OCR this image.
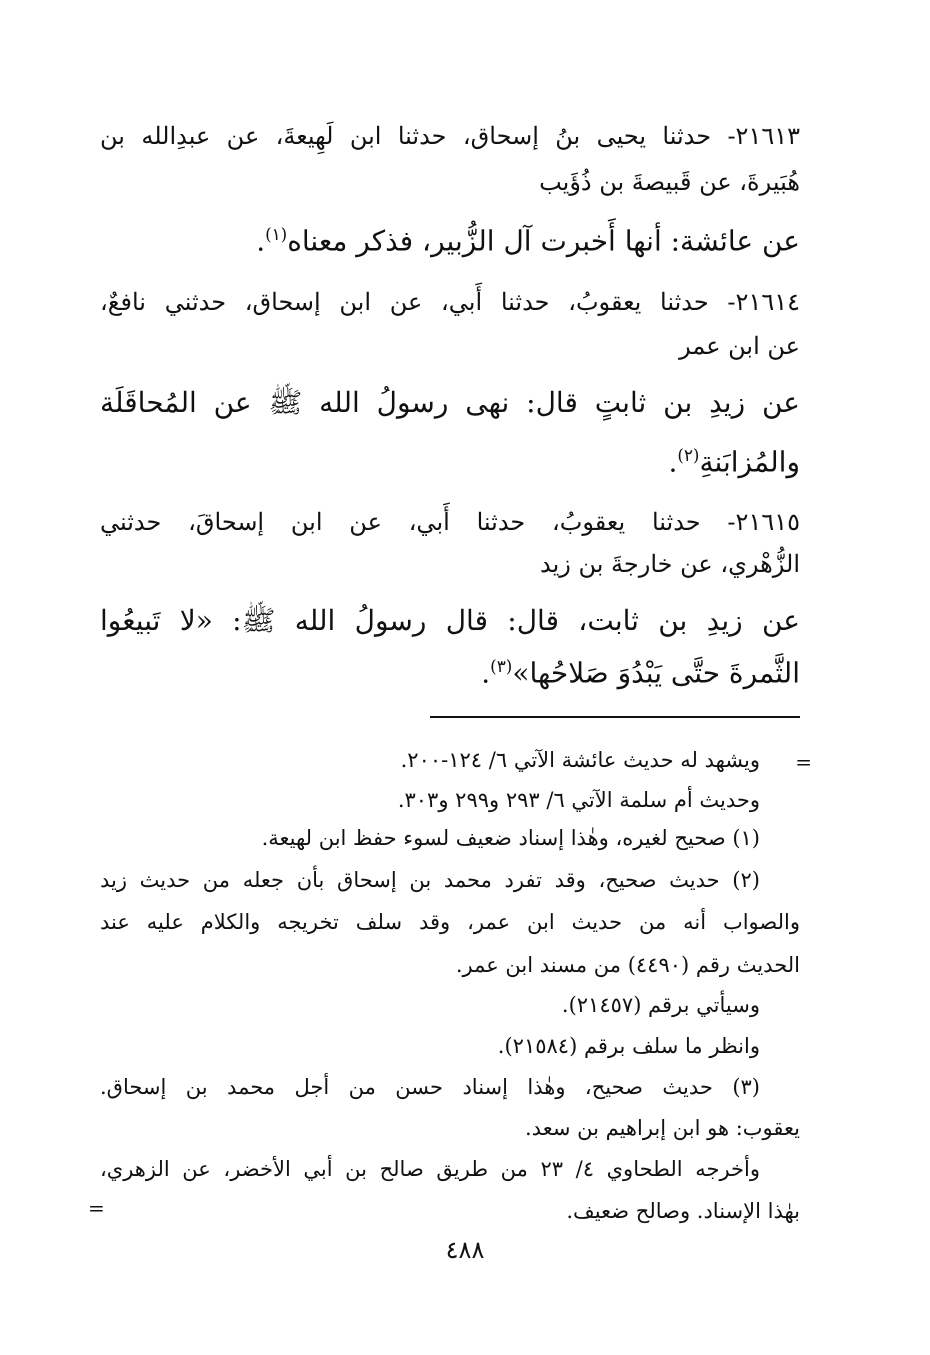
٢١٦١٣- حدثنا يحيى بنُ إسحاق، حدثنا ابن لَهِيعةَ، عن عبدِالله بن
هُبَيرةَ، عن قَبيصةَ بن ذُؤَيب
عن عائشة: أنها أَخبرت آل الزُّبير، فذكر معناه$^{(١)}$.
٢١٦١٤- حدثنا يعقوبُ، حدثنا أَبي، عن ابن إسحاق، حدثني نافعٌ،
عن ابن عمر
عن زيدِ بن ثابتٍ قال: نهى رسولُ الله ﷺ عن المُحاقَلَة
والمُزابَنةِ$^{(٢)}$.
٢١٦١٥- حدثنا يعقوبُ، حدثنا أَبي، عن ابن إسحاقَ، حدثني
الزُّهْري، عن خارجةَ بن زيد
عن زيدِ بن ثابت، قال: قال رسولُ الله ﷺ: «لا تَبيعُوا
الثَّمرةَ حتَّى يَبْدُوَ صَلاحُها»$^{(٣)}$.
=
ويشهد له حديث عائشة الآتي ٦/ ١٢٤-٢٠٠.
وحديث أم سلمة الآتي ٦/ ٢٩٣ و٢٩٩ و٣٠٣.
(١) صحيح لغيره، وهٰذا إسناد ضعيف لسوء حفظ ابن لهيعة.
(٢) حديث صحيح، وقد تفرد محمد بن إسحاق بأن جعله من حديث زيد
والصواب أنه من حديث ابن عمر، وقد سلف تخريجه والكلام عليه عند
الحديث رقم (٤٤٩٠) من مسند ابن عمر.
وسيأتي برقم (٢١٤٥٧).
وانظر ما سلف برقم (٢١٥٨٤).
(٣) حديث صحيح، وهٰذا إسناد حسن من أجل محمد بن إسحاق.
يعقوب: هو ابن إبراهيم بن سعد.
وأخرجه الطحاوي ٤/ ٢٣ من طريق صالح بن أبي الأخضر، عن الزهري،
بهٰذا الإسناد. وصالح ضعيف.
=
٤٨٨
